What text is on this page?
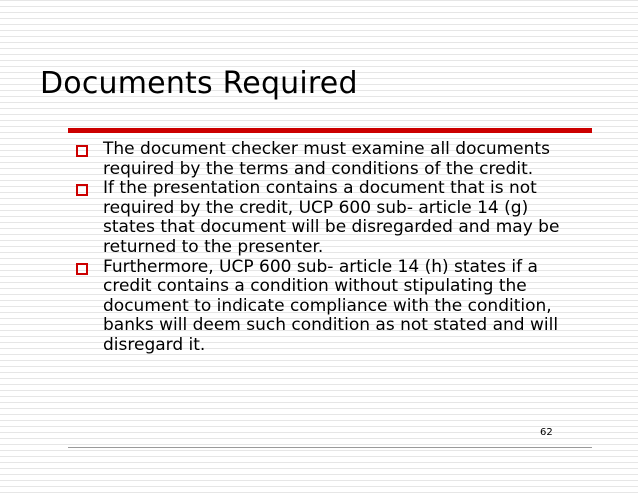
Documents Required
The document checker must examine all documents required by the terms and conditions of the credit.
If the presentation contains a document that is not required by the credit, UCP 600 sub- article 14 (g) states that document will be disregarded and may be returned to the presenter.
Furthermore, UCP 600 sub- article 14 (h) states if a credit contains a condition without stipulating the document to indicate compliance with the condition, banks will deem such condition as not stated and will disregard it.
62
